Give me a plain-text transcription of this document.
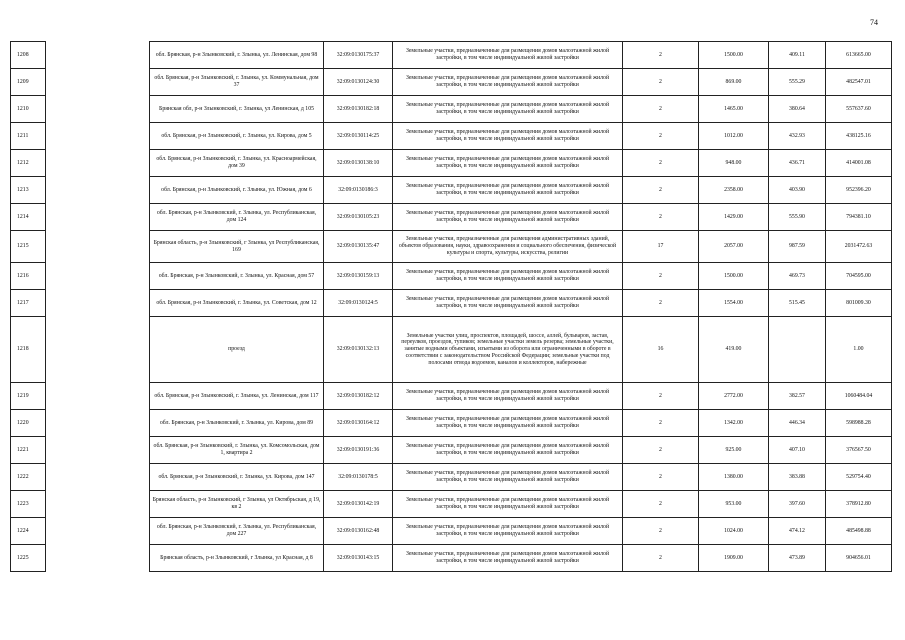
74
1208		обл. Брянская, р-н Злынковский, г. Злынка, ул. Ленинская, дом 98	32:09:0130175:37	Земельные участки, предназначенные для размещения домов малоэтажной жилой застройки, в том числе индивидуальной жилой застройки	2	1500.00	409.11	613665.00
1209		обл. Брянская, р-н Злынковский, г. Злынка, ул. Коммунальная, дом 37	32:09:0130124:30	Земельные участки, предназначенные для размещения домов малоэтажной жилой застройки, в том числе индивидуальной жилой застройки	2	869.00	555.29	482547.01
1210		Брянская обл, р-н Злынковский, г. Злынка, ул Ленинская, д 105	32:09:0130182:18	Земельные участки, предназначенные для размещения домов малоэтажной жилой застройки, в том числе индивидуальной жилой застройки	2	1465.00	380.64	557637.60
1211		обл. Брянская, р-н Злынковский, г. Злынка, ул. Кирова, дом 5	32:09:0130114:25	Земельные участки, предназначенные для размещения домов малоэтажной жилой застройки, в том числе индивидуальной жилой застройки	2	1012.00	432.93	438125.16
1212		обл. Брянская, р-н Злынковский, г. Злынка, ул. Красноармейская, дом 39	32:09:0130138:10	Земельные участки, предназначенные для размещения домов малоэтажной жилой застройки, в том числе индивидуальной жилой застройки	2	948.00	436.71	414001.08
1213		обл. Брянская, р-н Злынковский, г. Злынка, ул. Южная, дом 6	32:09:0130186:3	Земельные участки, предназначенные для размещения домов малоэтажной жилой застройки, в том числе индивидуальной жилой застройки	2	2358.00	403.90	952396.20
1214		обл. Брянская, р-н Злынковский, г. Злынка, ул. Республиканская, дом 124	32:09:0130105:23	Земельные участки, предназначенные для размещения домов малоэтажной жилой застройки, в том числе индивидуальной жилой застройки	2	1429.00	555.90	794381.10
1215		Брянская область, р-н Злынковский, г Злынка, ул Республиканская, 169	32:09:0130135:47	Земельные участки, предназначенные для размещения административных зданий, объектов образования, науки, здравоохранения и социального обеспечения, физической культуры и спорта, культуры, искусства, религии	17	2057.00	987.59	2031472.63
1216		обл. Брянская, р-н Злынковский, г. Злынка, ул. Красная, дом 57	32:09:0130159:13	Земельные участки, предназначенные для размещения домов малоэтажной жилой застройки, в том числе индивидуальной жилой застройки	2	1500.00	469.73	704595.00
1217		обл. Брянская, р-н Злынковский, г. Злынка, ул. Советская, дом 12	32:09:0130124:5	Земельные участки, предназначенные для размещения домов малоэтажной жилой застройки, в том числе индивидуальной жилой застройки	2	1554.00	515.45	801009.30
1218		проезд	32:09:0130132:13	Земельные участки улиц, проспектов, площадей, шоссе, аллей, бульваров, застав, переулков, проездов, тупиков; земельные участки земель резерва; земельные участки, занятые водными объектами, изъятыми из оборота или ограниченными в обороте в соответствии с законодательством Российской Федерации; земельные участки под полосами отвода водоемов, каналов и коллекторов, набережные	16	419.00		1.00
1219		обл. Брянская, р-н Злынковский, г. Злынка, ул. Ленинская, дом 117	32:09:0130182:12	Земельные участки, предназначенные для размещения домов малоэтажной жилой застройки, в том числе индивидуальной жилой застройки	2	2772.00	382.57	1060484.04
1220		обл. Брянская, р-н Злынковский, г. Злынка, ул. Кирова, дом 89	32:09:0130164:12	Земельные участки, предназначенные для размещения домов малоэтажной жилой застройки, в том числе индивидуальной жилой застройки	2	1342.00	446.34	598988.28
1221		обл. Брянская, р-н Злынковский, г. Злынка, ул. Комсомольская, дом 1, квартира 2	32:09:0130191:36	Земельные участки, предназначенные для размещения домов малоэтажной жилой застройки, в том числе индивидуальной жилой застройки	2	925.00	407.10	376567.50
1222		обл. Брянская, р-н Злынковский, г. Злынка, ул. Кирова, дом 147	32:09:0130178:5	Земельные участки, предназначенные для размещения домов малоэтажной жилой застройки, в том числе индивидуальной жилой застройки	2	1380.00	383.88	529754.40
1223		Брянская область, р-н Злынковский, г Злынка, ул Октябрьская, д 19, кв 2	32:09:0130142:19	Земельные участки, предназначенные для размещения домов малоэтажной жилой застройки, в том числе индивидуальной жилой застройки	2	953.00	397.60	378912.80
1224		обл. Брянская, р-н Злынковский, г. Злынка, ул. Республиканская, дом 227	32:09:0130162:48	Земельные участки, предназначенные для размещения домов малоэтажной жилой застройки, в том числе индивидуальной жилой застройки	2	1024.00	474.12	485498.88
1225		Брянская область, р-н Злынковский, г Злынка, ул Красная, д 8	32:09:0130143:15	Земельные участки, предназначенные для размещения домов малоэтажной жилой застройки, в том числе индивидуальной жилой застройки	2	1909.00	473.89	904656.01
